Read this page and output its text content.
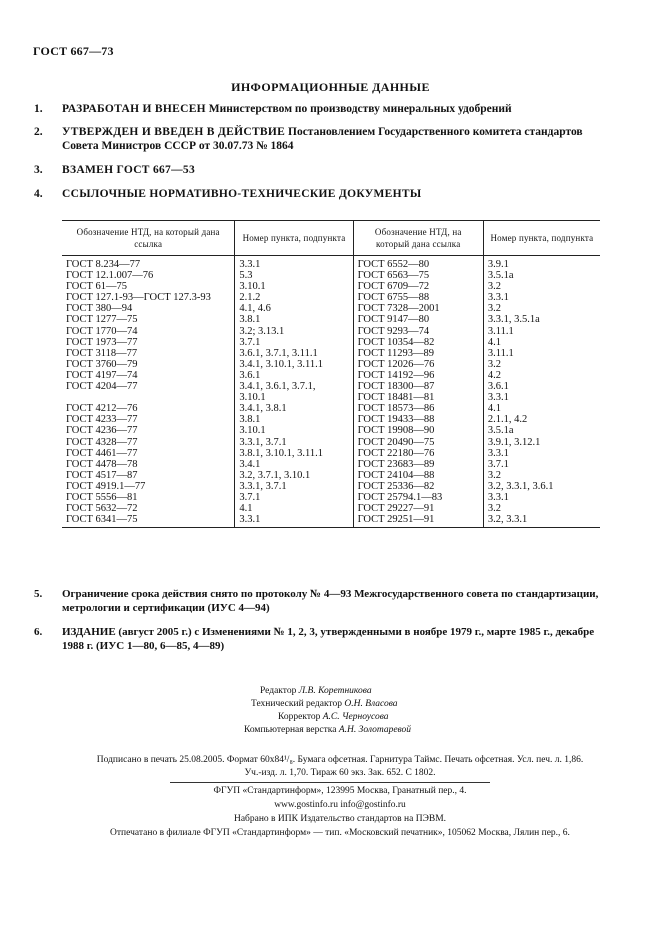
ГОСТ 667—73
ИНФОРМАЦИОННЫЕ ДАННЫЕ
1. РАЗРАБОТАН И ВНЕСЕН Министерством по производству минеральных удобрений
2. УТВЕРЖДЕН И ВВЕДЕН В ДЕЙСТВИЕ Постановлением Государственного комитета стандартов Совета Министров СССР от 30.07.73 № 1864
3. ВЗАМЕН ГОСТ 667—53
4. ССЫЛОЧНЫЕ НОРМАТИВНО-ТЕХНИЧЕСКИЕ ДОКУМЕНТЫ
Обозначение НТД, на который дана ссылка	Номер пункта, подпункта	Обозначение НТД, на который дана ссылка	Номер пункта, подпункта
ГОСТ 8.234—77	3.3.1	ГОСТ 6552—80	3.9.1
ГОСТ 12.1.007—76	5.3	ГОСТ 6563—75	3.5.1а
ГОСТ 61—75	3.10.1	ГОСТ 6709—72	3.2
ГОСТ 127.1-93—ГОСТ 127.3-93	2.1.2	ГОСТ 6755—88	3.3.1
ГОСТ 380—94	4.1, 4.6	ГОСТ 7328—2001	3.2
ГОСТ 1277—75	3.8.1	ГОСТ 9147—80	3.3.1, 3.5.1а
ГОСТ 1770—74	3.2; 3.13.1	ГОСТ 9293—74	3.11.1
ГОСТ 1973—77	3.7.1	ГОСТ 10354—82	4.1
ГОСТ 3118—77	3.6.1, 3.7.1, 3.11.1	ГОСТ 11293—89	3.11.1
ГОСТ 3760—79	3.4.1, 3.10.1, 3.11.1	ГОСТ 12026—76	3.2
ГОСТ 4197—74	3.6.1	ГОСТ 14192—96	4.2
ГОСТ 4204—77	3.4.1, 3.6.1, 3.7.1,	ГОСТ 18300—87	3.6.1
	3.10.1	ГОСТ 18481—81	3.3.1
ГОСТ 4212—76	3.4.1, 3.8.1	ГОСТ 18573—86	4.1
ГОСТ 4233—77	3.8.1	ГОСТ 19433—88	2.1.1, 4.2
ГОСТ 4236—77	3.10.1	ГОСТ 19908—90	3.5.1а
ГОСТ 4328—77	3.3.1, 3.7.1	ГОСТ 20490—75	3.9.1, 3.12.1
ГОСТ 4461—77	3.8.1, 3.10.1, 3.11.1	ГОСТ 22180—76	3.3.1
ГОСТ 4478—78	3.4.1	ГОСТ 23683—89	3.7.1
ГОСТ 4517—87	3.2, 3.7.1, 3.10.1	ГОСТ 24104—88	3.2
ГОСТ 4919.1—77	3.3.1, 3.7.1	ГОСТ 25336—82	3.2, 3.3.1, 3.6.1
ГОСТ 5556—81	3.7.1	ГОСТ 25794.1—83	3.3.1
ГОСТ 5632—72	4.1	ГОСТ 29227—91	3.2
ГОСТ 6341—75	3.3.1	ГОСТ 29251—91	3.2, 3.3.1
5. Ограничение срока действия снято по протоколу № 4—93 Межгосударственного совета по стандартизации, метрологии и сертификации (ИУС 4—94)
6. ИЗДАНИЕ (август 2005 г.) с Изменениями № 1, 2, 3, утвержденными в ноябре 1979 г., марте 1985 г., декабре 1988 г. (ИУС 1—80, 6—85, 4—89)
Редактор Л.В. Коретникова
Технический редактор О.Н. Власова
Корректор А.С. Черноусова
Компьютерная верстка А.Н. Золотаревой
Подписано в печать 25.08.2005. Формат 60x84¹/₈. Бумага офсетная. Гарнитура Таймс. Печать офсетная. Усл. печ. л. 1,86.
Уч.-изд. л. 1,70. Тираж 60 экз. Зак. 652. С 1802.
ФГУП «Стандартинформ», 123995 Москва, Гранатный пер., 4.
www.gostinfo.ru info@gostinfo.ru
Набрано в ИПК Издательство стандартов на ПЭВМ.
Отпечатано в филиале ФГУП «Стандартинформ» — тип. «Московский печатник», 105062 Москва, Лялин пер., 6.
